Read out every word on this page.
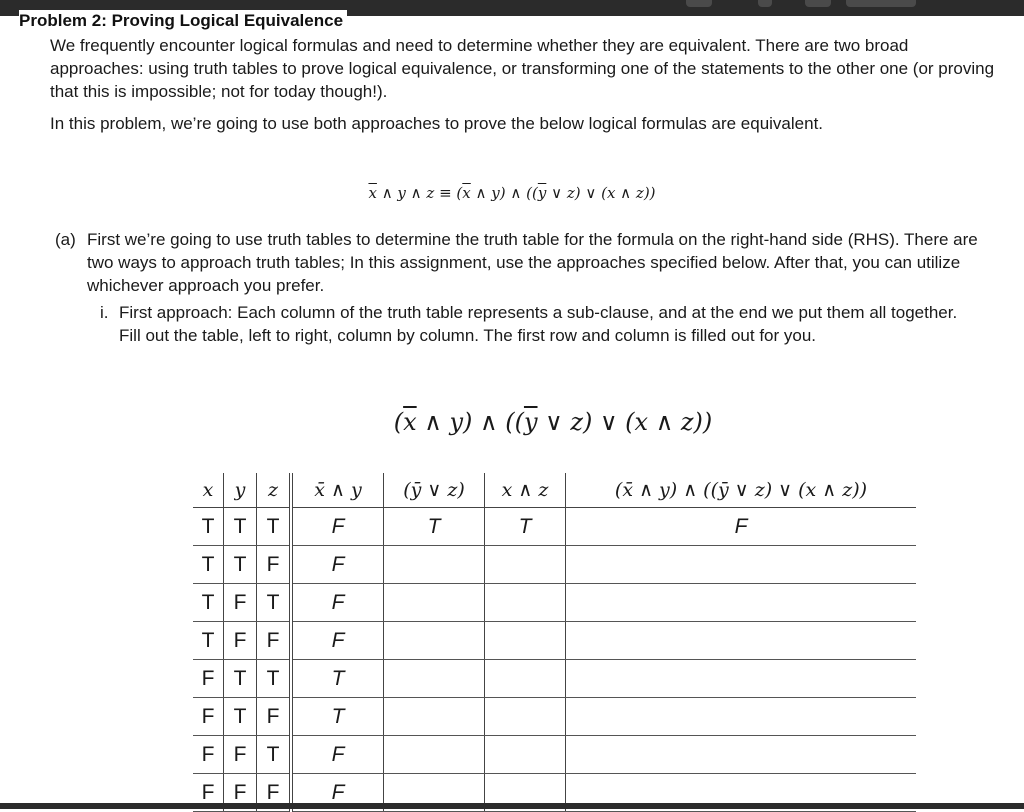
Problem 2: Proving Logical Equivalence

We frequently encounter logical formulas and need to determine whether they are equivalent. There are two broad approaches: using truth tables to prove logical equivalence, or transforming one of the statements to the other one (or proving that this is impossible; not for today though!).

In this problem, we’re going to use both approaches to prove the below logical formulas are equivalent.

$\overline{x}$ ∧ y ∧ $z \equiv (\overline{x}$ ∧ y) ∧ (($\overline{y}$ ∨ z) ∨ (x ∧ z))
(a) First we’re going to use truth tables to determine the truth table for the formula on the right-hand side (RHS). There are two ways to approach truth tables; In this assignment, use the approaches specified below. After that, you can utilize whichever approach you prefer.
i. First approach: Each column of the truth table represents a sub-clause, and at the end we put them all together.
Fill out the table, left to right, column by column. The first row and column is filled out for you.
($\overline{x}$ ∧ y) ∧ (($\overline{y}$ ∨ z) ∨ (x ∧ z))
x	y	z	x̄ ∧ y	(ȳ ∨ z)	x ∧ z	(x̄ ∧ y) ∧ ((ȳ ∨ z) ∨ (x ∧ z))
T	T	T	F	T	T	F
T	T	F	F			
T	F	T	F			
T	F	F	F			
F	T	T	T			
F	T	F	T			
F	F	T	F			
F	F	F	F			
